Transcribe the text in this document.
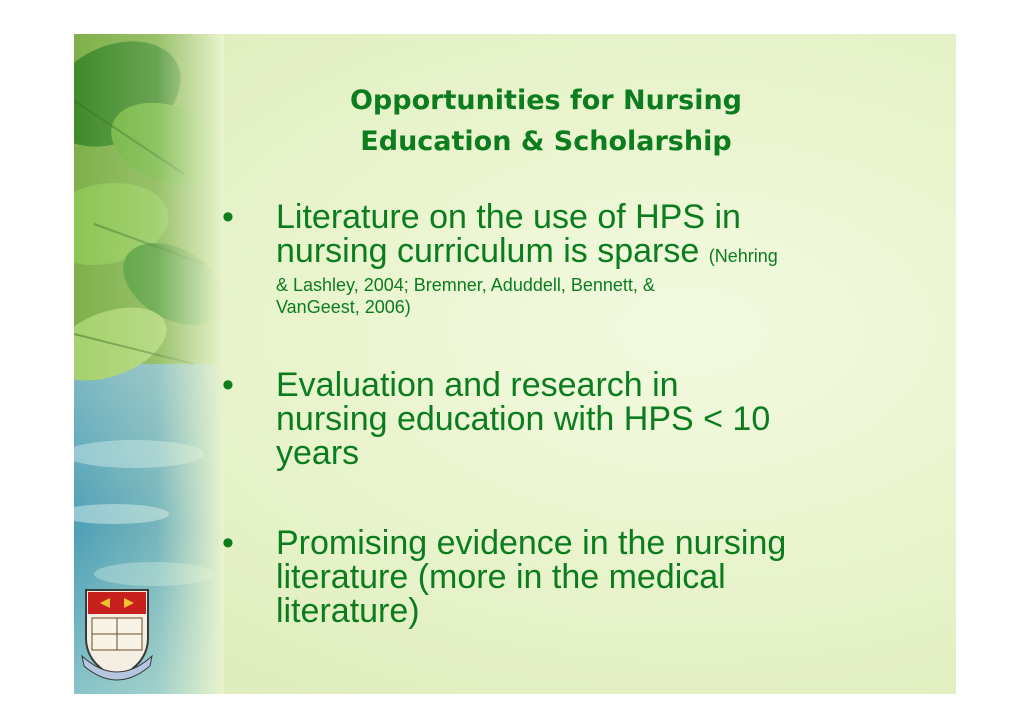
Opportunities for Nursing
Education & Scholarship
• Literature on the use of HPS in
nursing curriculum is sparse (Nehring

& Lashley, 2004; Bremner, Aduddell, Bennett, &
VanGeest, 2006)

• Evaluation and research in
nursing education with HPS < 10
years

• Promising evidence in the nursing
literature (more in the medical
literature)
